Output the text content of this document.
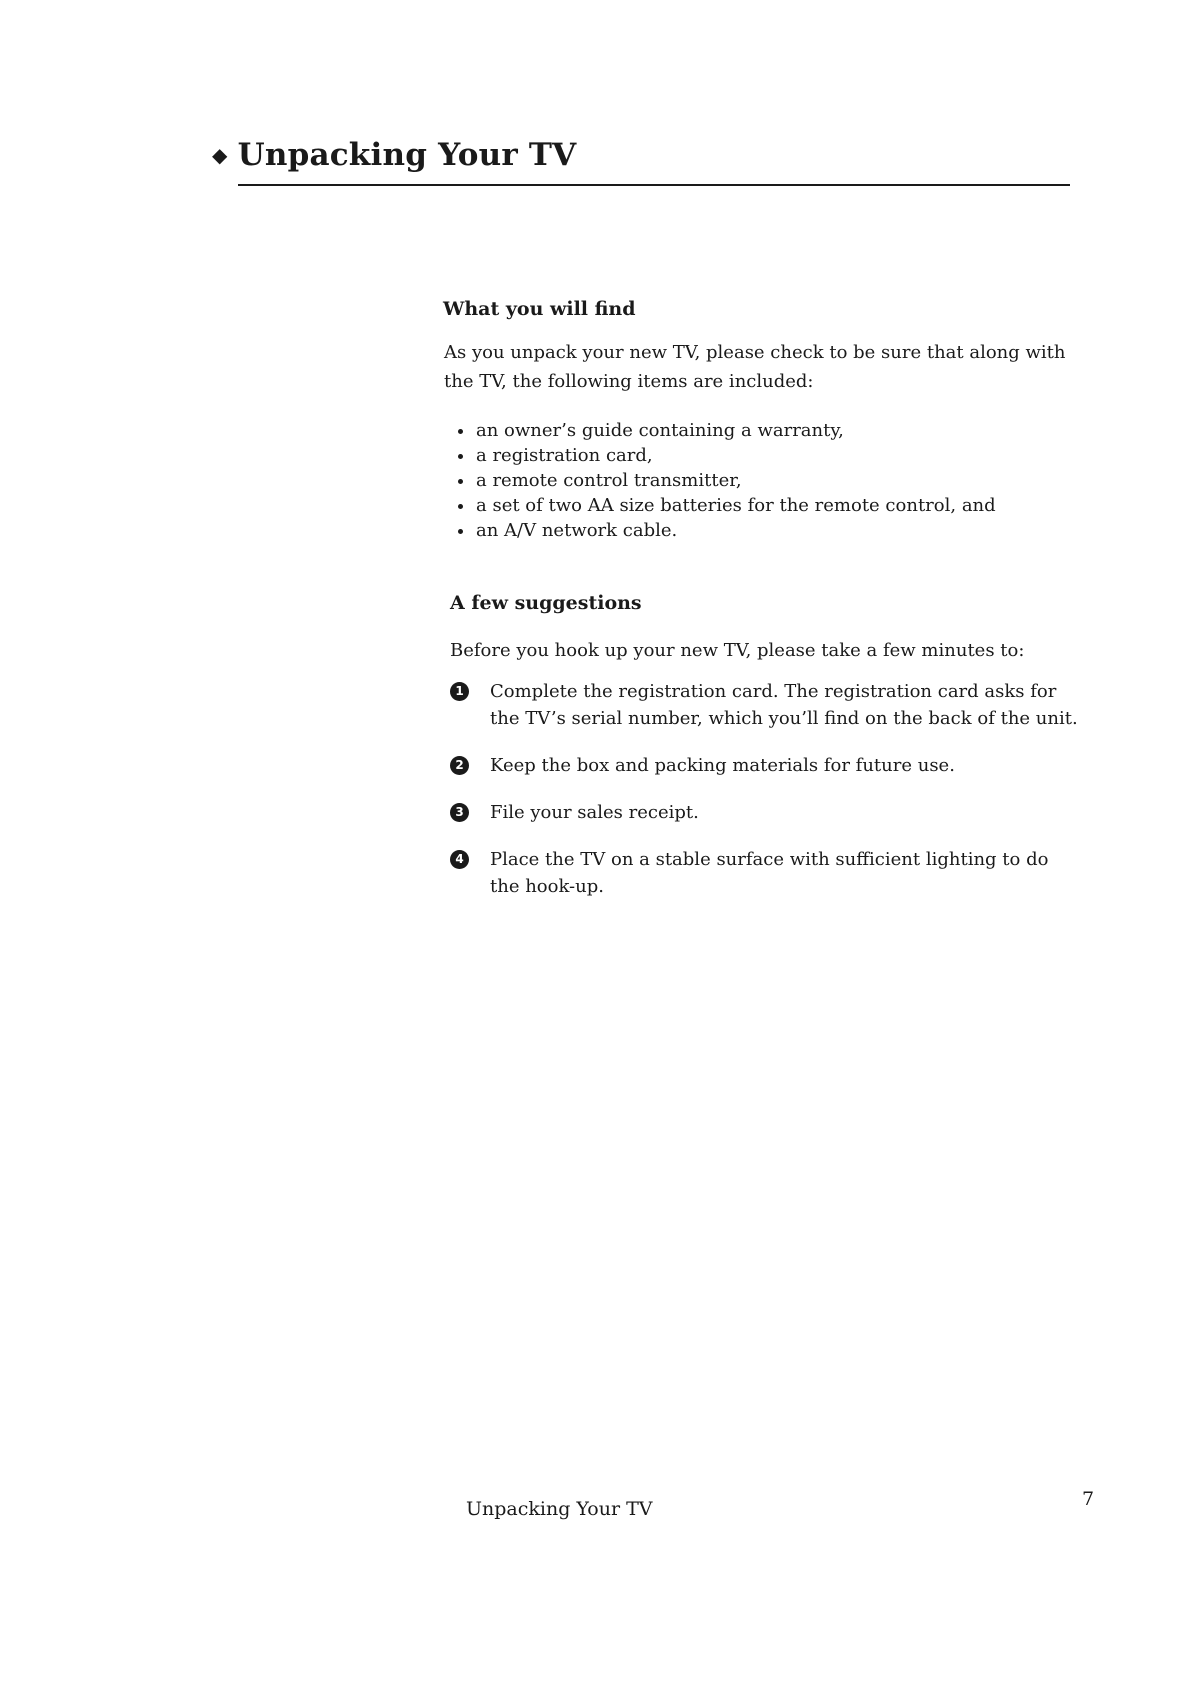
◆ Unpacking Your TV
What you will find
As you unpack your new TV, please check to be sure that along with the TV, the following items are included:
an owner’s guide containing a warranty,
a registration card,
a remote control transmitter,
a set of two AA size batteries for the remote control, and
an A/V network cable.
A few suggestions
Before you hook up your new TV, please take a few minutes to:
1 Complete the registration card. The registration card asks for the TV’s serial number, which you’ll find on the back of the unit.
2 Keep the box and packing materials for future use.
3 File your sales receipt.
4 Place the TV on a stable surface with sufficient lighting to do the hook-up.
Unpacking Your TV	7
